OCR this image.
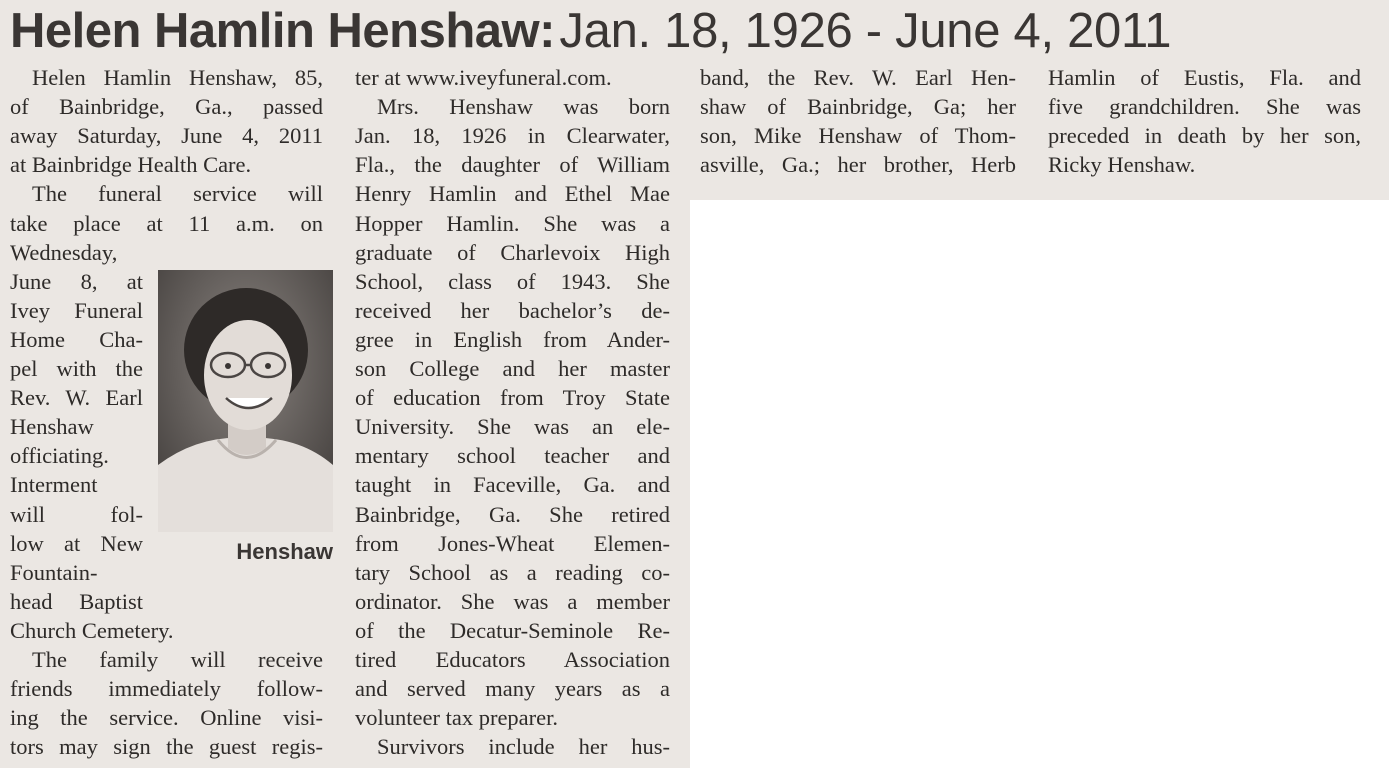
Helen Hamlin Henshaw: Jan. 18, 1926 - June 4, 2011
Henshaw
Helen Hamlin Henshaw, 85,
of Bainbridge, Ga., passed
away Saturday, June 4, 2011
at Bainbridge Health Care.
The funeral service will
take place at 11 a.m. on
Wednesday,
June 8, at
Ivey Funeral
Home Cha-
pel with the
Rev. W. Earl
Henshaw
officiating.
Interment
will fol-
low at New
Fountain-
head Baptist
Church Cemetery.
The family will receive
friends immediately follow-
ing the service. Online visi-
tors may sign the guest regis-
ter at www.iveyfuneral.com.
Mrs. Henshaw was born
Jan. 18, 1926 in Clearwater,
Fla., the daughter of William
Henry Hamlin and Ethel Mae
Hopper Hamlin. She was a
graduate of Charlevoix High
School, class of 1943. She
received her bachelor’s de-
gree in English from Ander-
son College and her master
of education from Troy State
University. She was an ele-
mentary school teacher and
taught in Faceville, Ga. and
Bainbridge, Ga. She retired
from Jones-Wheat Elemen-
tary School as a reading co-
ordinator. She was a member
of the Decatur-Seminole Re-
tired Educators Association
and served many years as a
volunteer tax preparer.
Survivors include her hus-
band, the Rev. W. Earl Hen-
shaw of Bainbridge, Ga; her
son, Mike Henshaw of Thom-
asville, Ga.; her brother, Herb
Hamlin of Eustis, Fla. and
five grandchildren. She was
preceded in death by her son,
Ricky Henshaw.
